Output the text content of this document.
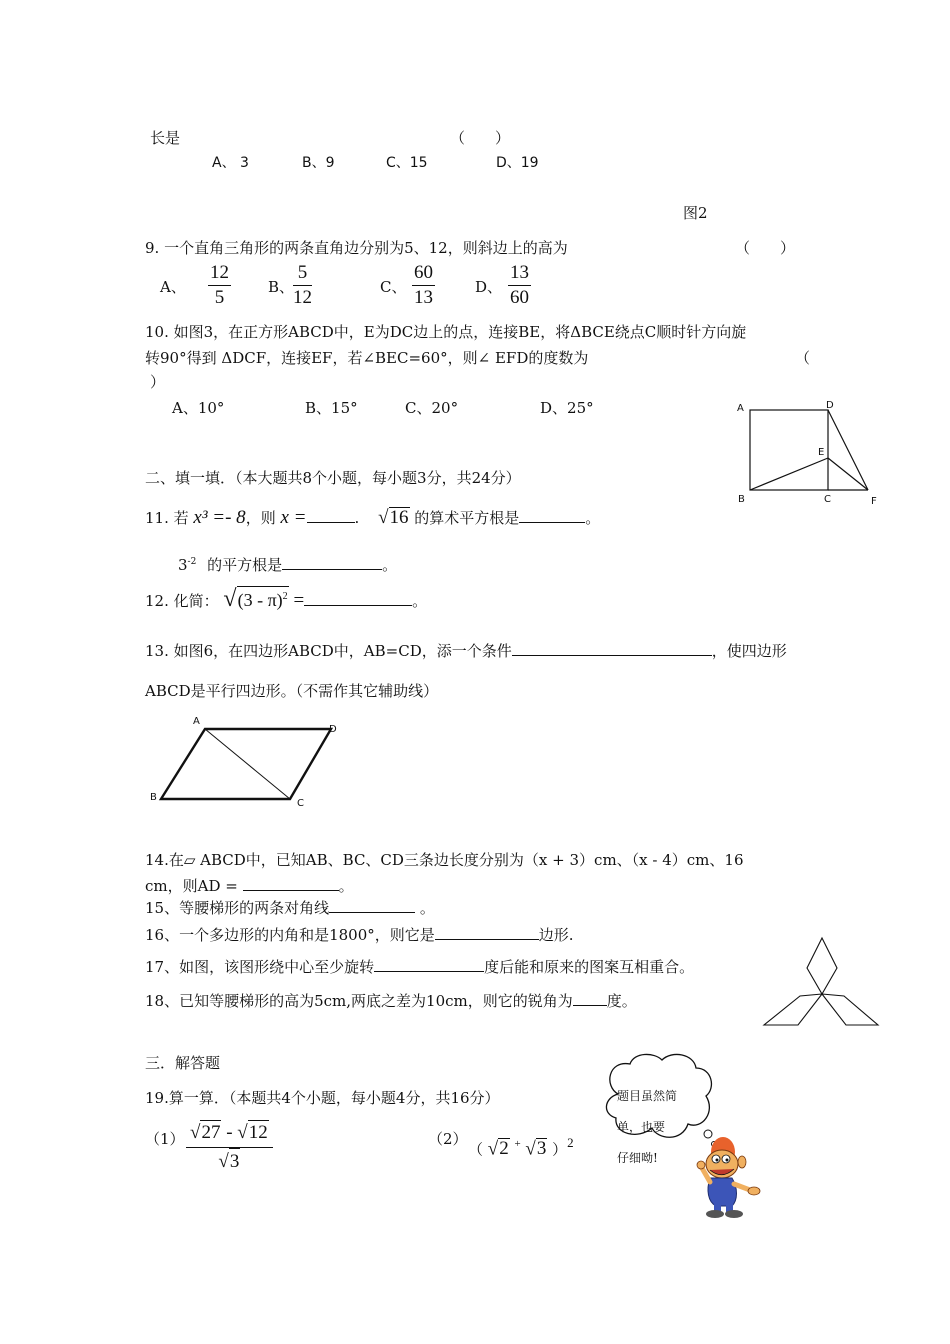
长是	（　　）
A、 3	B、9	C、15	D、19
图2
9. 一个直角三角形的两条直角边分别为5、12，则斜边上的高为	（　　）
A、 $\frac{12}{5}$ B、
$\frac{5}{12}$	C、 $\frac{60}{13}$	D、 $\frac{13}{60}$
10. 如图3，在正方形ABCD中，E为DC边上的点，连接BE，将ΔBCE绕点C顺时针方向旋
转90°得到 ΔDCF，连接EF，若∠BEC=60°，则∠ EFD的度数为	（
）
A、10°	B、15°	C、20°	D、25°	A	D
E
B	C	F
二、填一填．（本大题共8个小题，每小题3分，共24分）
11. 若 x³ =- 8，则 x =	. √16 的算术平方根是	。
$3^{-2}$ 的平方根是	。
12. 化简： √(3 - π)$^2$ =	。
13. 如图6，在四边形ABCD中，AB=CD，添一个条件	，使四边形
ABCD是平行四边形。（不需作其它辅助线）
A
D
B
C
14.在▱ ABCD中，已知AB、BC、CD三条边长度分别为（x + 3）cm、（x - 4）cm、16
cm，则AD =	。
15、等腰梯形的两条对角线	。
16、一个多边形的内角和是1800°，则它是	边形.
17、如图，该图形绕中心至少旋转	度后能和原来的图案互相重合。
18、已知等腰梯形的高为5cm,两底之差为10cm，则它的锐角为 度。
三．解答题
19.算一算．（本题共4个小题，每小题4分，共16分）
（1） √27 - √12
√3
（2）
（ √2 + √3 ）$^2$
题目虽然简
单，也要
仔细呦!
